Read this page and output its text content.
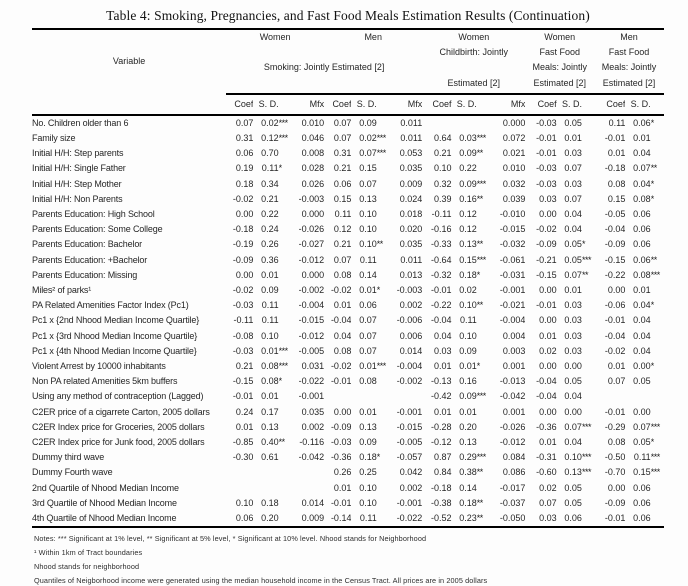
Table 4: Smoking, Pregnancies, and Fast Food Meals Estimation Results (Continuation)
Variable	Women				Men				Women				Women			Men		
									Childbirth: Jointly				Fast Food			Fast Food		
	Smoking: Jointly Estimated [2]												Meals: Jointly			Meals: Jointly		
									Estimated [2]				Estimated [2]			Estimated [2]		
	Coef	S. D.		Mfx	Coef	S. D.		Mfx	Coef	S. D.		Mfx	Coef	S. D.		Coef	S. D.	
No. Children older than 6	0.07	0.02	***	0.010	0.07	0.09		0.011				0.000	-0.03	0.05		0.11	0.06	*
Family size	0.31	0.12	***	0.046	0.07	0.02	***	0.011	0.64	0.03	***	0.072	-0.01	0.01		-0.01	0.01	
Initial H/H: Step parents	0.06	0.70		0.008	0.31	0.07	***	0.053	0.21	0.09	**	0.021	-0.01	0.03		0.01	0.04	
Initial H/H: Single Father	0.19	0.11	*	0.028	0.21	0.15		0.035	0.10	0.22		0.010	-0.03	0.07		-0.18	0.07	**
Initial H/H: Step Mother	0.18	0.34		0.026	0.06	0.07		0.009	0.32	0.09	***	0.032	-0.03	0.03		0.08	0.04	*
Initial H/H: Non Parents	-0.02	0.21		-0.003	0.15	0.13		0.024	0.39	0.16	**	0.039	0.03	0.07		0.15	0.08	*
Parents Education: High School	0.00	0.22		0.000	0.11	0.10		0.018	-0.11	0.12		-0.010	0.00	0.04		-0.05	0.06	
Parents Education: Some College	-0.18	0.24		-0.026	0.12	0.10		0.020	-0.16	0.12		-0.015	-0.02	0.04		-0.04	0.06	
Parents Education: Bachelor	-0.19	0.26		-0.027	0.21	0.10	**	0.035	-0.33	0.13	**	-0.032	-0.09	0.05	*	-0.09	0.06	
Parents Education: +Bachelor	-0.09	0.36		-0.012	0.07	0.11		0.011	-0.64	0.15	***	-0.061	-0.21	0.05	***	-0.15	0.06	**
Parents Education: Missing	0.00	0.01		0.000	0.08	0.14		0.013	-0.32	0.18	*	-0.031	-0.15	0.07	**	-0.22	0.08	***
Miles² of parks¹	-0.02	0.09		-0.002	-0.02	0.01	*	-0.003	-0.01	0.02		-0.001	0.00	0.01		0.00	0.01	
PA Related Amenities Factor Index (Pc1)	-0.03	0.11		-0.004	0.01	0.06		0.002	-0.22	0.10	**	-0.021	-0.01	0.03		-0.06	0.04	*
Pc1 x {2nd Nhood Median Income Quartile}	-0.11	0.11		-0.015	-0.04	0.07		-0.006	-0.04	0.11		-0.004	0.00	0.03		-0.01	0.04	
Pc1 x {3rd Nhood Median Income Quartile}	-0.08	0.10		-0.012	0.04	0.07		0.006	0.04	0.10		0.004	0.01	0.03		-0.04	0.04	
Pc1 x {4th Nhood Median Income Quartile}	-0.03	0.01	***	-0.005	0.08	0.07		0.014	0.03	0.09		0.003	0.02	0.03		-0.02	0.04	
Violent Arrest by 10000 inhabitants	0.21	0.08	***	0.031	-0.02	0.01	***	-0.004	0.01	0.01	*	0.001	0.00	0.00		0.01	0.00	*
Non PA related Amenities 5km buffers	-0.15	0.08	*	-0.022	-0.01	0.08		-0.002	-0.13	0.16		-0.013	-0.04	0.05		0.07	0.05	
Using any method of contraception (Lagged)	-0.01	0.01		-0.001					-0.42	0.09	***	-0.042	-0.04	0.04				
C2ER price of a cigarrete Carton, 2005 dollars	0.24	0.17		0.035	0.00	0.01		-0.001	0.01	0.01		0.001	0.00	0.00		-0.01	0.00	
C2ER Index price for Groceries, 2005 dollars	0.01	0.13		0.002	-0.09	0.13		-0.015	-0.28	0.20		-0.026	-0.36	0.07	***	-0.29	0.07	***
C2ER Index price for Junk food, 2005 dollars	-0.85	0.40	**	-0.116	-0.03	0.09		-0.005	-0.12	0.13		-0.012	0.01	0.04		0.08	0.05	*
Dummy third wave	-0.30	0.61		-0.042	-0.36	0.18	*	-0.057	0.87	0.29	***	0.084	-0.31	0.10	***	-0.50	0.11	***
Dummy Fourth wave					0.26	0.25		0.042	0.84	0.38	**	0.086	-0.60	0.13	***	-0.70	0.15	***
2nd Quartile of Nhood Median Income					0.01	0.10		0.002	-0.18	0.14		-0.017	0.02	0.05		0.00	0.06	
3rd Quartile of Nhood Median Income	0.10	0.18		0.014	-0.01	0.10		-0.001	-0.38	0.18	**	-0.037	0.07	0.05		-0.09	0.06	
4th Quartile of Nhood Median Income	0.06	0.20		0.009	-0.14	0.11		-0.022	-0.52	0.23	**	-0.050	0.03	0.06		-0.01	0.06	
Notes: *** Significant at 1% level, ** Significant at 5% level, * Significant at 10% level. Nhood stands for Neighborhood
¹ Within 1km of Tract boundaries
Nhood stands for neighborhood
Quantiles of Neigborhood income were generated using the median household income in the Census Tract. All prices are in 2005 dollars
